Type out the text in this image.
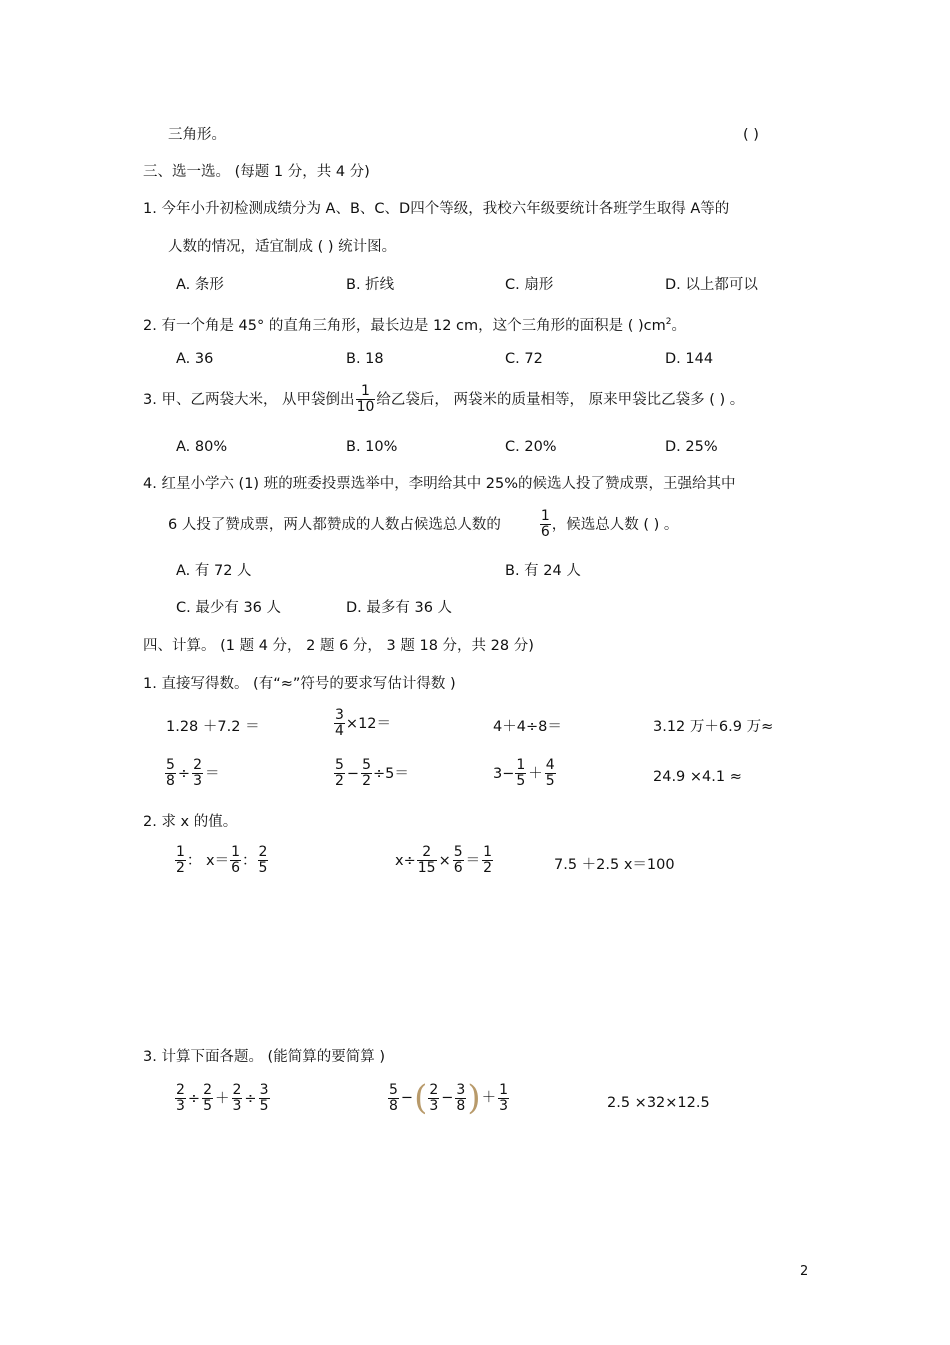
三角形。	( )
三、选一选。 (每题 1 分，共 4 分)
1. 今年小升初检测成绩分为 A、B、C、D四个等级，我校六年级要统计各班学生取得 A等的
人数的情况，适宜制成 ( ) 统计图。
A. 条形	B. 折线	C. 扇形	D. 以上都可以
2. 有一个角是 45° 的直角三角形，最长边是 12 cm，这个三角形的面积是 ( )$cm^2$。
A. 36	B. 18	C. 72	D. 144
3. 甲、乙两袋大米， 从甲袋倒出 $\frac{1}{10}$ 给乙袋后， 两袋米的质量相等， 原来甲袋比乙袋多 ( ) 。
A. 80%	B. 10%	C. 20%	D. 25%
4. 红星小学六 (1) 班的班委投票选举中，李明给其中 25%的候选人投了赞成票，王强给其中
6 人投了赞成票，两人都赞成的人数占候选总人数的	$\frac{1}{6}$ ，候选总人数 ( ) 。
A. 有 72 人	B. 有 24 人
C. 最少有 36 人	D. 最多有 36 人
四、计算。 (1 题 4 分， 2 题 6 分， 3 题 18 分，共 28 分)
1. 直接写得数。 (有“≈”符号的要求写估计得数 )
1.28 ＋7.2 ＝	$\frac{3}{4} \times 12=$	4＋4÷8＝	3.12 万＋6.9 万≈
$\frac{5}{8} \div \frac{2}{3}$ ＝	$\frac{5}{2} - \frac{5}{2} \div 5=$	$3- \frac{1}{5} + \frac{4}{5}$	24.9 ×4.1 ≈
2. 求 x 的值。
$\frac{1}{2}$ ： $x= \frac{1}{6}$ ： $\frac{2}{5}$	$x\div \frac{2}{15} \times \frac{5}{6} = \frac{1}{2}$	7.5 ＋2.5 x＝100
3. 计算下面各题。 (能简算的要简算 )
$\frac{2}{3} \div \frac{2}{5} + \frac{2}{3} \div \frac{3}{5}$	$\frac{5}{8}$ − ( $\frac{2}{3} - \frac{3}{8}$ ) ＋ $\frac{1}{3}$	2.5 ×32×12.5
2
